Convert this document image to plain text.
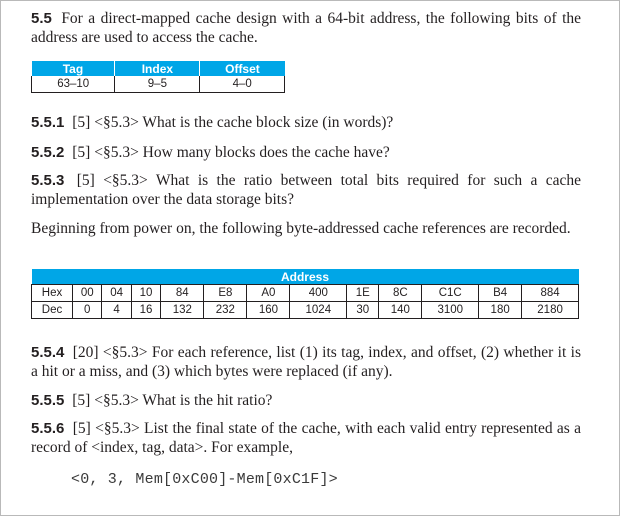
5.5 For a direct-mapped cache design with a 64-bit address, the following bits of the address are used to access the cache.
Tag	Index	Offset
63–10	9–5	4–0
5.5.1 [5] <§5.3> What is the cache block size (in words)?
5.5.2 [5] <§5.3> How many blocks does the cache have?
5.5.3 [5] <§5.3> What is the ratio between total bits required for such a cache implementation over the data storage bits?
Beginning from power on, the following byte-addressed cache references are recorded.
Address												
Hex	00	04	10	84	E8	A0	400	1E	8C	C1C	B4	884
Dec	0	4	16	132	232	160	1024	30	140	3100	180	2180
5.5.4 [20] <§5.3> For each reference, list (1) its tag, index, and offset, (2) whether it is a hit or a miss, and (3) which bytes were replaced (if any).
5.5.5 [5] <§5.3> What is the hit ratio?
5.5.6 [5] <§5.3> List the final state of the cache, with each valid entry represented as a record of <index, tag, data>. For example,
<0, 3, Mem[0xC00]-Mem[0xC1F]>
